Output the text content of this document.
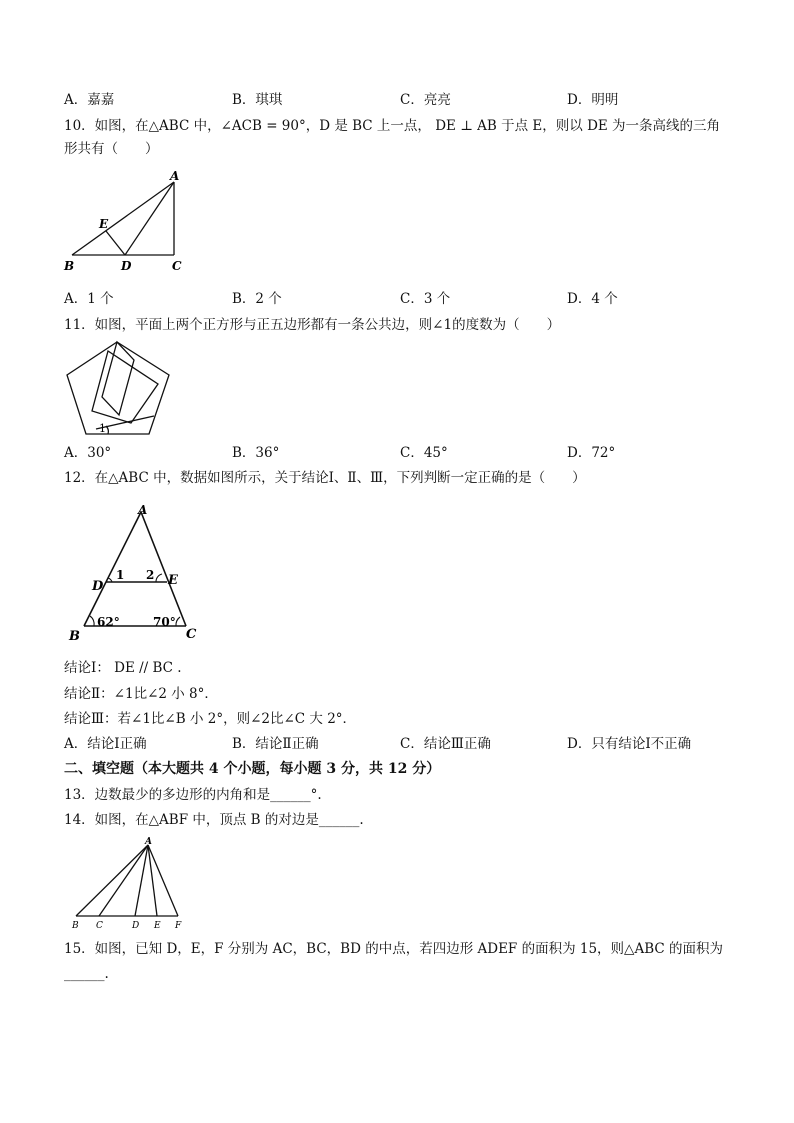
A．嘉嘉	B．琪琪	C．亮亮	D．明明
10．如图，在△ABC 中，∠ACB = 90°，D 是 BC 上一点， DE ⊥ AB 于点 E，则以 DE 为一条高线的三角
形共有（　　）
A
E
B	D	C
A．1 个	B．2 个	C．3 个	D．4 个
11．如图，平面上两个正方形与正五边形都有一条公共边，则∠1的度数为（　　）
1
A．30°	B．36°	C．45°	D．72°
12．在△ABC 中，数据如图所示，关于结论Ⅰ、Ⅱ、Ⅲ，下列判断一定正确的是（　　）
A
D	E
1 2
B	C
62°	70°
结论Ⅰ： DE // BC .
结论Ⅱ：∠1比∠2 小 8°．
结论Ⅲ：若∠1比∠B 小 2°，则∠2比∠C 大 2°．
A．结论Ⅰ正确	B．结论Ⅱ正确	C．结论Ⅲ正确	D．只有结论Ⅰ不正确
二、填空题（本大题共 4 个小题，每小题 3 分，共 12 分）
13．边数最少的多边形的内角和是______°.
14．如图，在△ABF 中，顶点 B 的对边是______.
A
B C	D E F
15．如图，已知 D，E，F 分别为 AC，BC，BD 的中点，若四边形 ADEF 的面积为 15，则△ABC 的面积为
______.
